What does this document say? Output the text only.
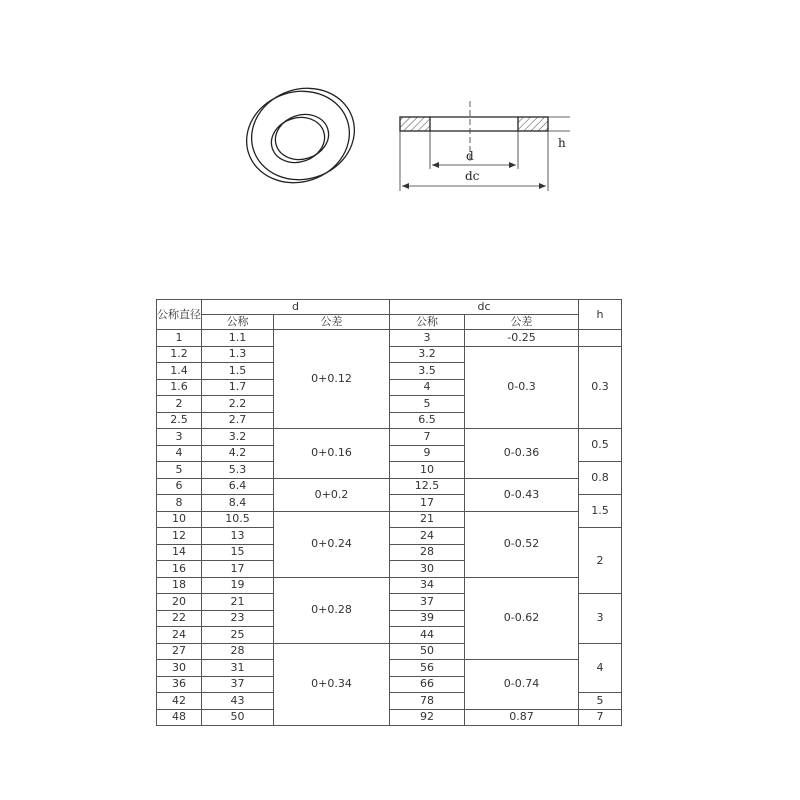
d
dc
h
公称直径	d		dc		h
	公称	公差	公称	公差	
1	1.1	0+0.12	3	-0.25	
1.2	1.3		3.2	0-0.3	0.3
1.4	1.5		3.5		
1.6	1.7		4		
2	2.2		5		
2.5	2.7		6.5		
3	3.2	0+0.16	7	0-0.36	0.5
4	4.2		9		
5	5.3		10		0.8
6	6.4	0+0.2	12.5	0-0.43	
8	8.4		17		1.5
10	10.5	0+0.24	21	0-0.52	
12	13		24		2
14	15		28		
16	17		30		
18	19	0+0.28	34	0-0.62	
20	21		37		3
22	23		39		
24	25		44		
27	28	0+0.34	50		4
30	31		56	0-0.74	
36	37		66		
42	43		78		5
48	50		92	0.87	7
